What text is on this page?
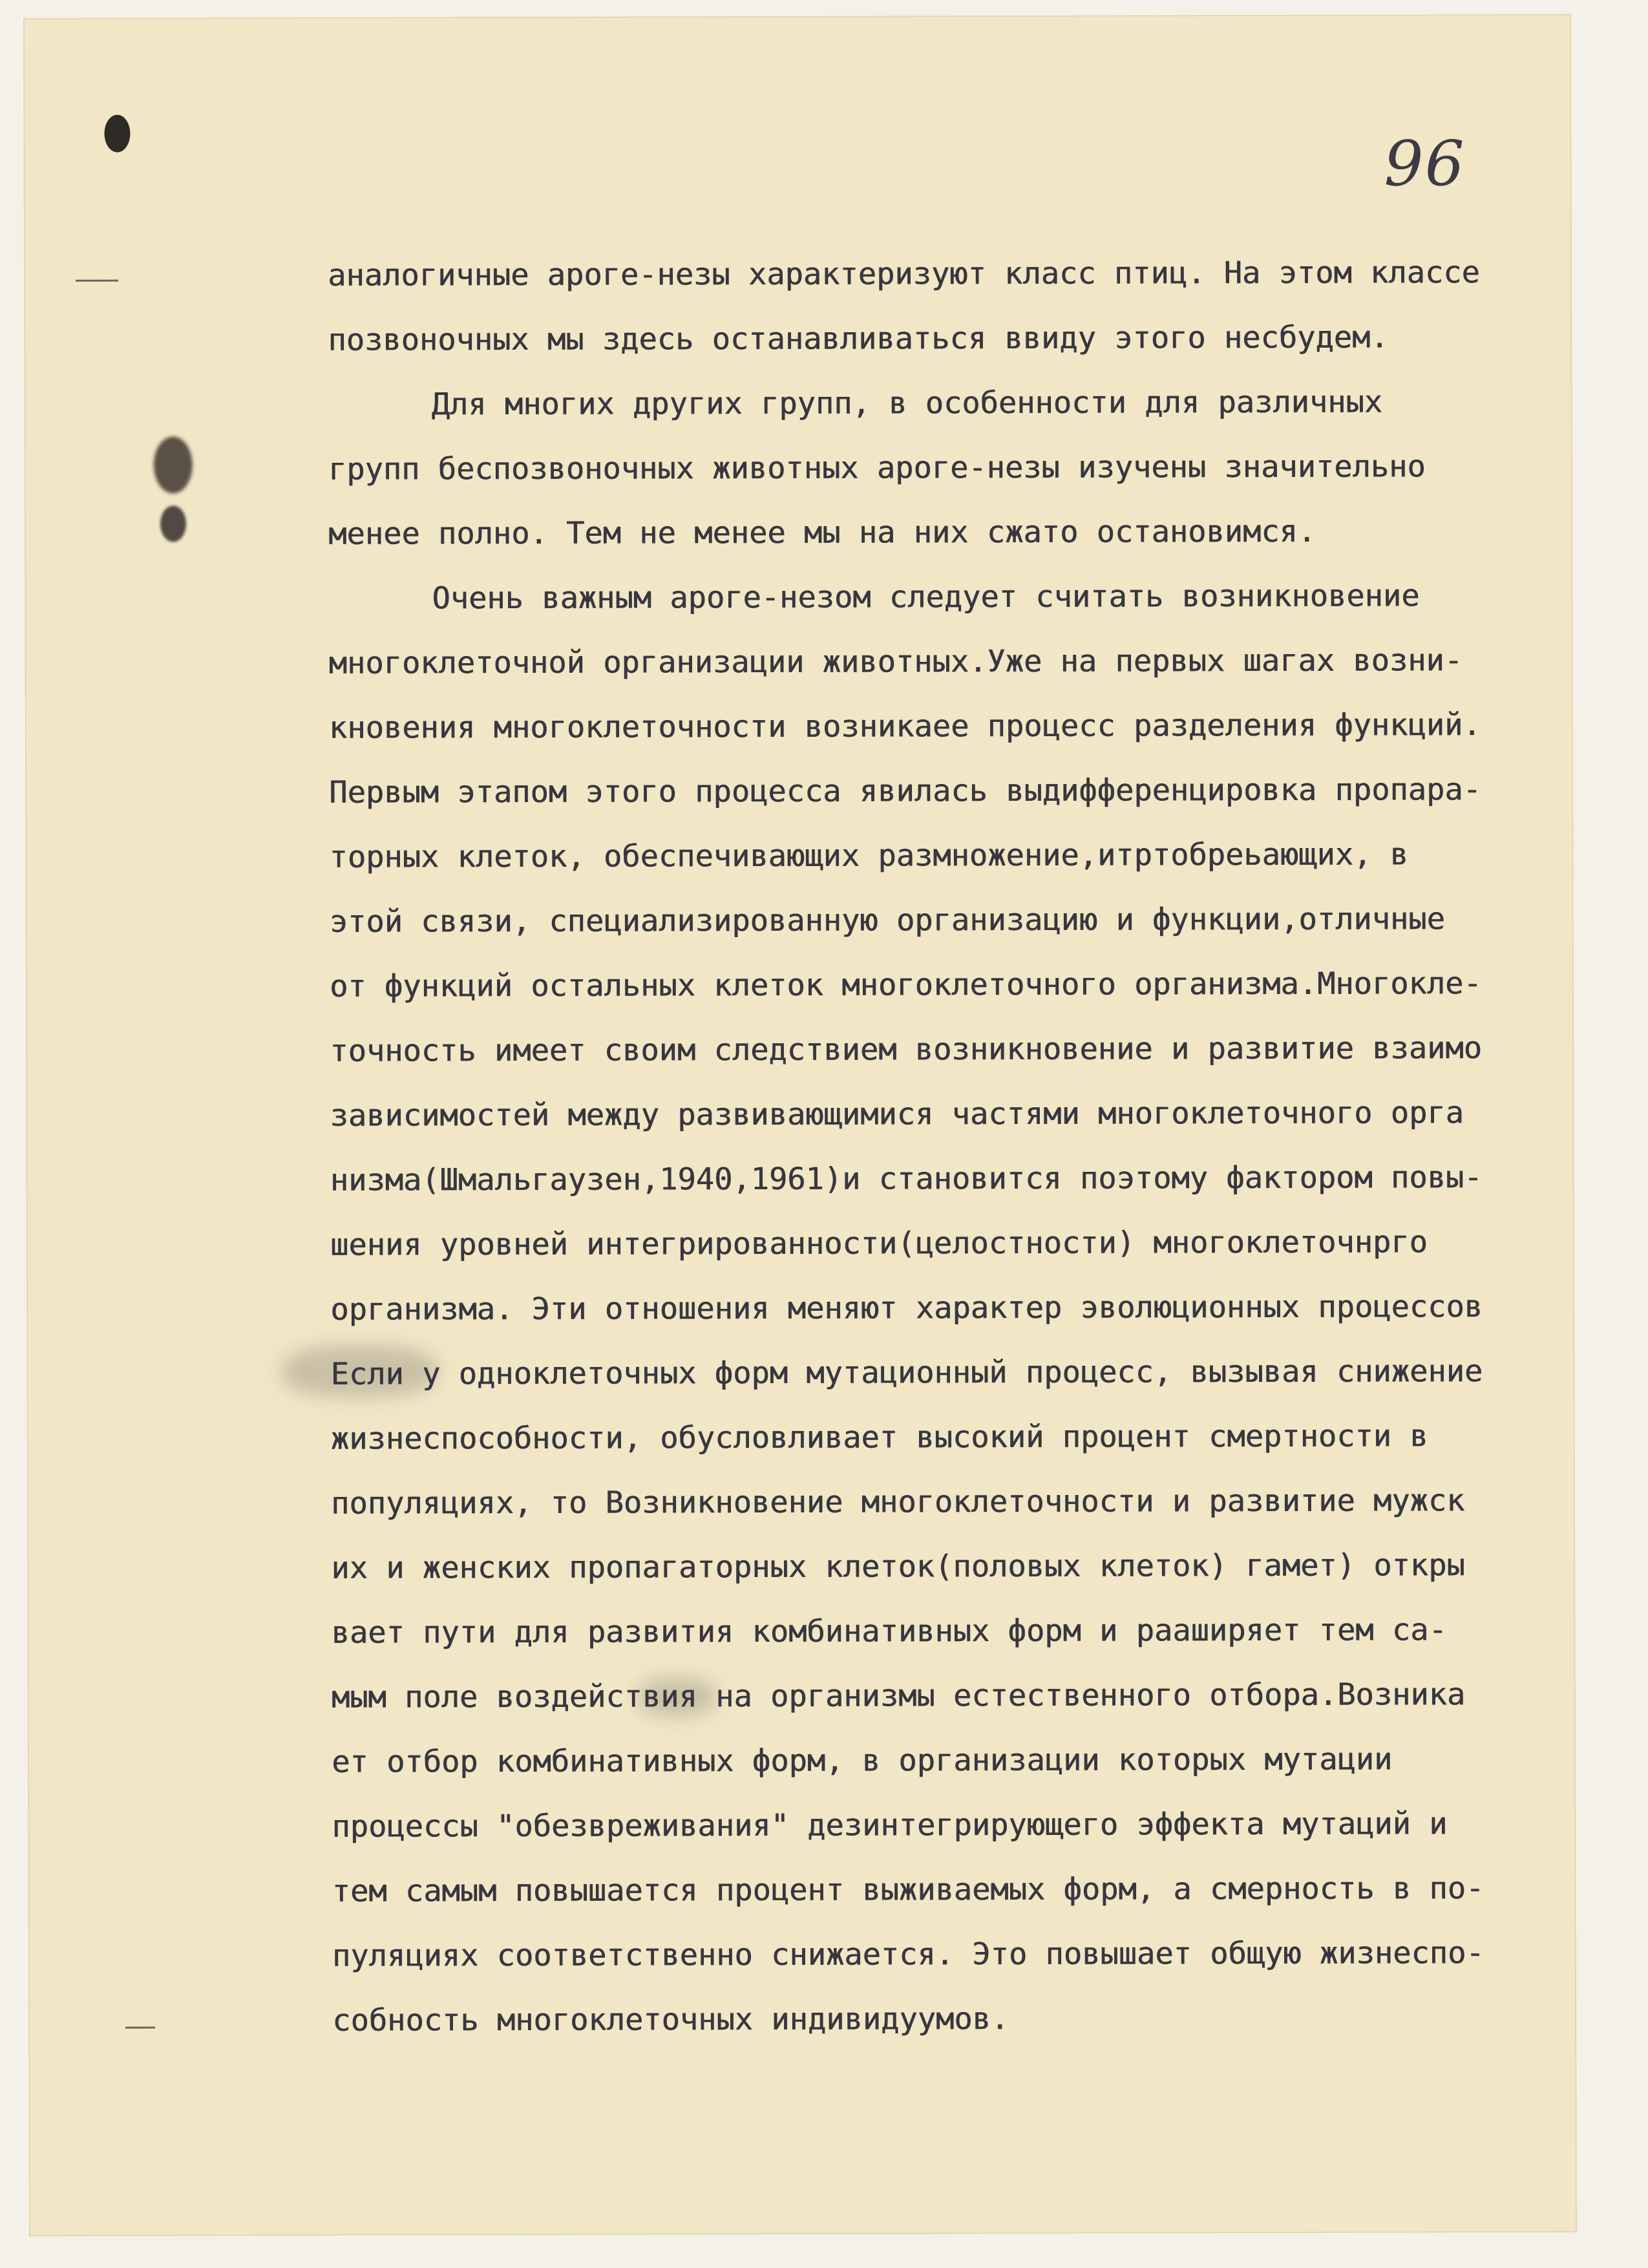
96
аналогичные ароге-незы характеризуют класс птиц. На этом классе
позвоночных мы здесь останавливаться ввиду этого несбудем.
Для многих других групп, в особенности для различных
групп беспозвоночных животных ароге-незы изучены значительно
менее полно. Тем не менее мы на них сжато остановимся.
Очень важным ароге-незом следует считать возникновение
многоклеточной организации животных.Уже на первых шагах возни-
кновения многоклеточности возникаее процесс разделения функций.
Первым этапом этого процесса явилась выдифференцировка пропара-
торных клеток, обеспечивающих размножение,итртобреьающих, в
этой связи, специализированную организацию и функции,отличные
от функций остальных клеток многоклеточного организма.Многокле-
точность имеет своим следствием возникновение и развитие взаимо
зависимостей между развивающимися частями многоклеточного орга
низма(Шмальгаузен,1940,1961)и становится поэтому фактором повы-
шения уровней интегрированности(целостности) многоклеточнрго
организма. Эти отношения меняют характер эволюционных процессов
Если у одноклеточных форм мутационный процесс, вызывая снижение
жизнеспособности, обусловливает высокий процент смертности в
популяциях, то Возникновение многоклеточности и развитие мужск
их и женских пропагаторных клеток(половых клеток) гамет) откры
вает пути для развития комбинативных форм и рааширяет тем са-
мым поле воздействия на организмы естественного отбора.Возника
ет отбор комбинативных форм, в организации которых мутации
процессы "обезвреживания" дезинтегрирующего эффекта мутаций и
тем самым повышается процент выживаемых форм, а смерность в по-
пуляциях соответственно снижается. Это повышает общую жизнеспо-
собность многоклеточных индивидуумов.
